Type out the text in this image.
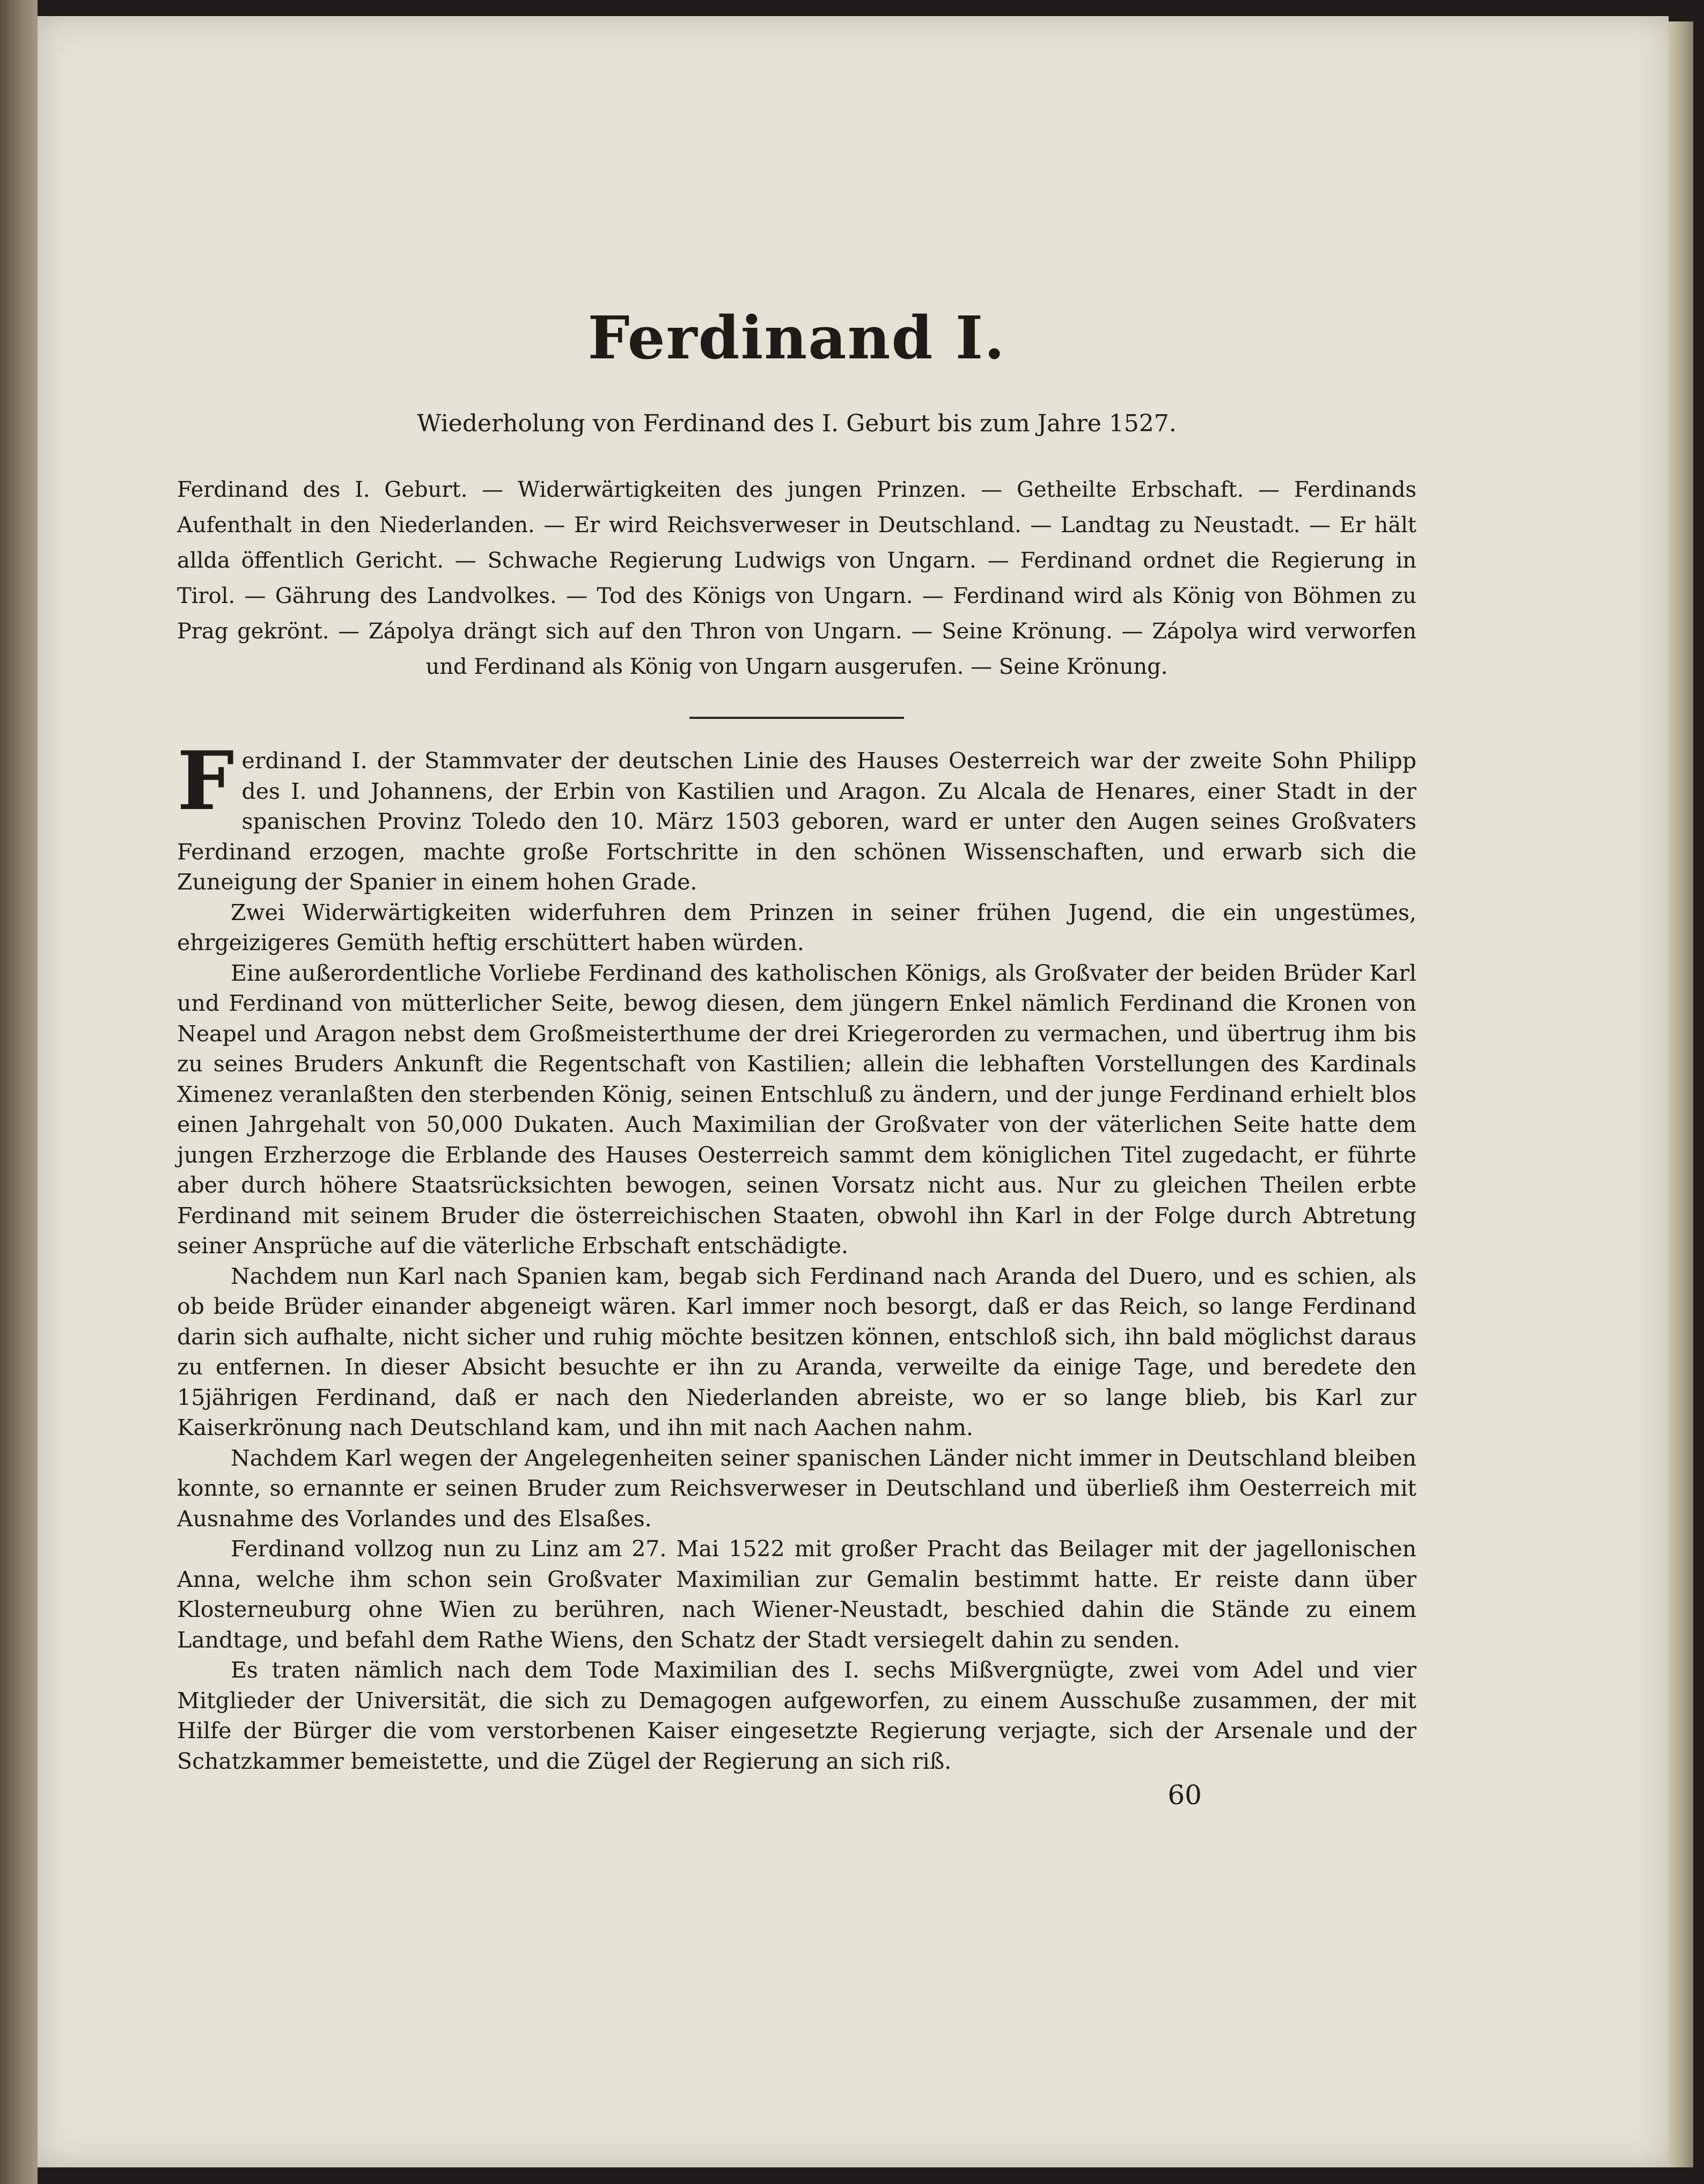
Ferdinand I.
Wiederholung von Ferdinand des I. Geburt bis zum Jahre 1527.
Ferdinand des I. Geburt. — Widerwärtigkeiten des jungen Prinzen. — Getheilte Erbschaft. — Ferdinands Aufenthalt in den Niederlanden. — Er wird Reichsverweser in Deutschland. — Landtag zu Neustadt. — Er hält allda öffentlich Gericht. — Schwache Regierung Ludwigs von Ungarn. — Ferdinand ordnet die Regierung in Tirol. — Gährung des Landvolkes. — Tod des Königs von Ungarn. — Ferdinand wird als König von Böhmen zu Prag gekrönt. — Zápolya drängt sich auf den Thron von Ungarn. — Seine Krönung. — Zápolya wird verworfen und Ferdinand als König von Ungarn ausgerufen. — Seine Krönung.

Ferdinand I. der Stammvater der deutschen Linie des Hauses Oesterreich war der zweite Sohn Philipp des I. und Johannens, der Erbin von Kastilien und Aragon. Zu Alcala de Henares, einer Stadt in der spanischen Provinz Toledo den 10. März 1503 geboren, ward er unter den Augen seines Großvaters Ferdinand erzogen, machte große Fortschritte in den schönen Wissenschaften, und erwarb sich die Zuneigung der Spanier in einem hohen Grade.

Zwei Widerwärtigkeiten widerfuhren dem Prinzen in seiner frühen Jugend, die ein ungestümes, ehrgeizigeres Gemüth heftig erschüttert haben würden.

Eine außerordentliche Vorliebe Ferdinand des katholischen Königs, als Großvater der beiden Brüder Karl und Ferdinand von mütterlicher Seite, bewog diesen, dem jüngern Enkel nämlich Ferdinand die Kronen von Neapel und Aragon nebst dem Großmeisterthume der drei Kriegerorden zu vermachen, und übertrug ihm bis zu seines Bruders Ankunft die Regentschaft von Kastilien; allein die lebhaften Vorstellungen des Kardinals Ximenez veranlaßten den sterbenden König, seinen Entschluß zu ändern, und der junge Ferdinand erhielt blos einen Jahrgehalt von 50,000 Dukaten. Auch Maximilian der Großvater von der väterlichen Seite hatte dem jungen Erzherzoge die Erblande des Hauses Oesterreich sammt dem königlichen Titel zugedacht, er führte aber durch höhere Staatsrücksichten bewogen, seinen Vorsatz nicht aus. Nur zu gleichen Theilen erbte Ferdinand mit seinem Bruder die österreichischen Staaten, obwohl ihn Karl in der Folge durch Abtretung seiner Ansprüche auf die väterliche Erbschaft entschädigte.

Nachdem nun Karl nach Spanien kam, begab sich Ferdinand nach Aranda del Duero, und es schien, als ob beide Brüder einander abgeneigt wären. Karl immer noch besorgt, daß er das Reich, so lange Ferdinand darin sich aufhalte, nicht sicher und ruhig möchte besitzen können, entschloß sich, ihn bald möglichst daraus zu entfernen. In dieser Absicht besuchte er ihn zu Aranda, verweilte da einige Tage, und beredete den 15jährigen Ferdinand, daß er nach den Niederlanden abreiste, wo er so lange blieb, bis Karl zur Kaiserkrönung nach Deutschland kam, und ihn mit nach Aachen nahm.

Nachdem Karl wegen der Angelegenheiten seiner spanischen Länder nicht immer in Deutschland bleiben konnte, so ernannte er seinen Bruder zum Reichsverweser in Deutschland und überließ ihm Oesterreich mit Ausnahme des Vorlandes und des Elsaßes.

Ferdinand vollzog nun zu Linz am 27. Mai 1522 mit großer Pracht das Beilager mit der jagellonischen Anna, welche ihm schon sein Großvater Maximilian zur Gemalin bestimmt hatte. Er reiste dann über Klosterneuburg ohne Wien zu berühren, nach Wiener-Neustadt, beschied dahin die Stände zu einem Landtage, und befahl dem Rathe Wiens, den Schatz der Stadt versiegelt dahin zu senden.

Es traten nämlich nach dem Tode Maximilian des I. sechs Mißvergnügte, zwei vom Adel und vier Mitglieder der Universität, die sich zu Demagogen aufgeworfen, zu einem Ausschuße zusammen, der mit Hilfe der Bürger die vom verstorbenen Kaiser eingesetzte Regierung verjagte, sich der Arsenale und der Schatzkammer bemeistette, und die Zügel der Regierung an sich riß.

60
